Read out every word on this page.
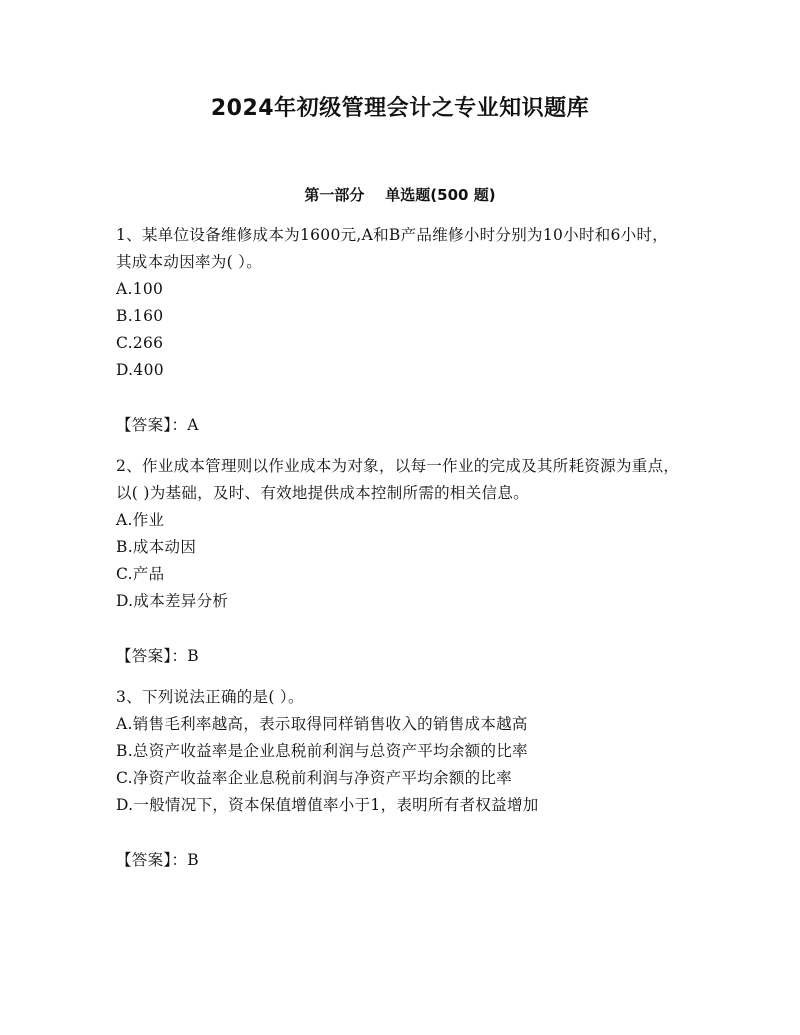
2024年初级管理会计之专业知识题库
第一部分    单选题(500 题)

1、某单位设备维修成本为1600元,A和B产品维修小时分别为10小时和6小时，其成本动因率为( ）。

A.100
B.160
C.266
D.400
【答案】：A

2、作业成本管理则以作业成本为对象，以每一作业的完成及其所耗资源为重点，以( )为基础，及时、有效地提供成本控制所需的相关信息。

A.作业
B.成本动因
C.产品
D.成本差异分析
【答案】：B

3、下列说法正确的是( ）。

A.销售毛利率越高，表示取得同样销售收入的销售成本越高
B.总资产收益率是企业息税前利润与总资产平均余额的比率
C.净资产收益率企业息税前利润与净资产平均余额的比率
D.一般情况下，资本保值增值率小于1，表明所有者权益增加
【答案】：B
